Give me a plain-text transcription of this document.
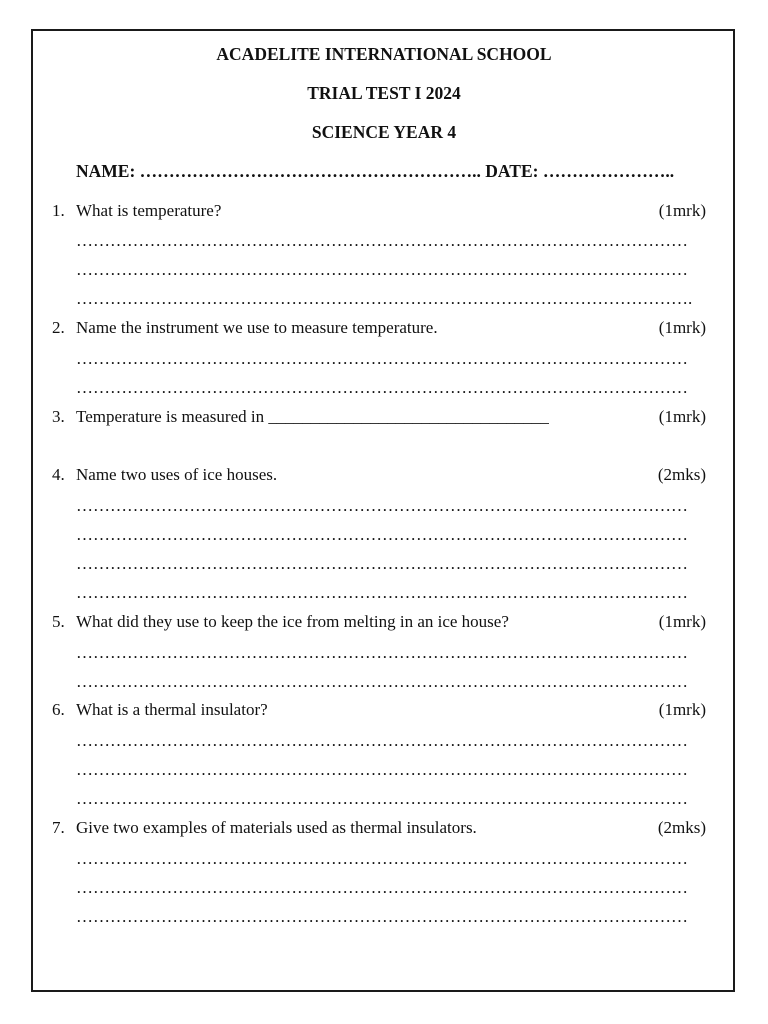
ACADELITE INTERNATIONAL SCHOOL
TRIAL TEST I 2024
SCIENCE YEAR 4
NAME: ………………………………………………….. DATE: …………………..
1. What is temperature?	(1mrk)
………………………………………………………………………………………………
………………………………………………………………………………………………
……………………………………………………………………………………………….
2. Name the instrument we use to measure temperature.	(1mrk)
………………………………………………………………………………………………
………………………………………………………………………………………………
3. Temperature is measured in _________________________________	(1mrk)
4. Name two uses of ice houses.	(2mks)
………………………………………………………………………………………………
………………………………………………………………………………………………
………………………………………………………………………………………………
………………………………………………………………………………………………
5. What did they use to keep the ice from melting in an ice house?	(1mrk)
………………………………………………………………………………………………
………………………………………………………………………………………………
6. What is a thermal insulator?	(1mrk)
………………………………………………………………………………………………
………………………………………………………………………………………………
………………………………………………………………………………………………
7. Give two examples of materials used as thermal insulators.	(2mks)
………………………………………………………………………………………………
………………………………………………………………………………………………
………………………………………………………………………………………………
